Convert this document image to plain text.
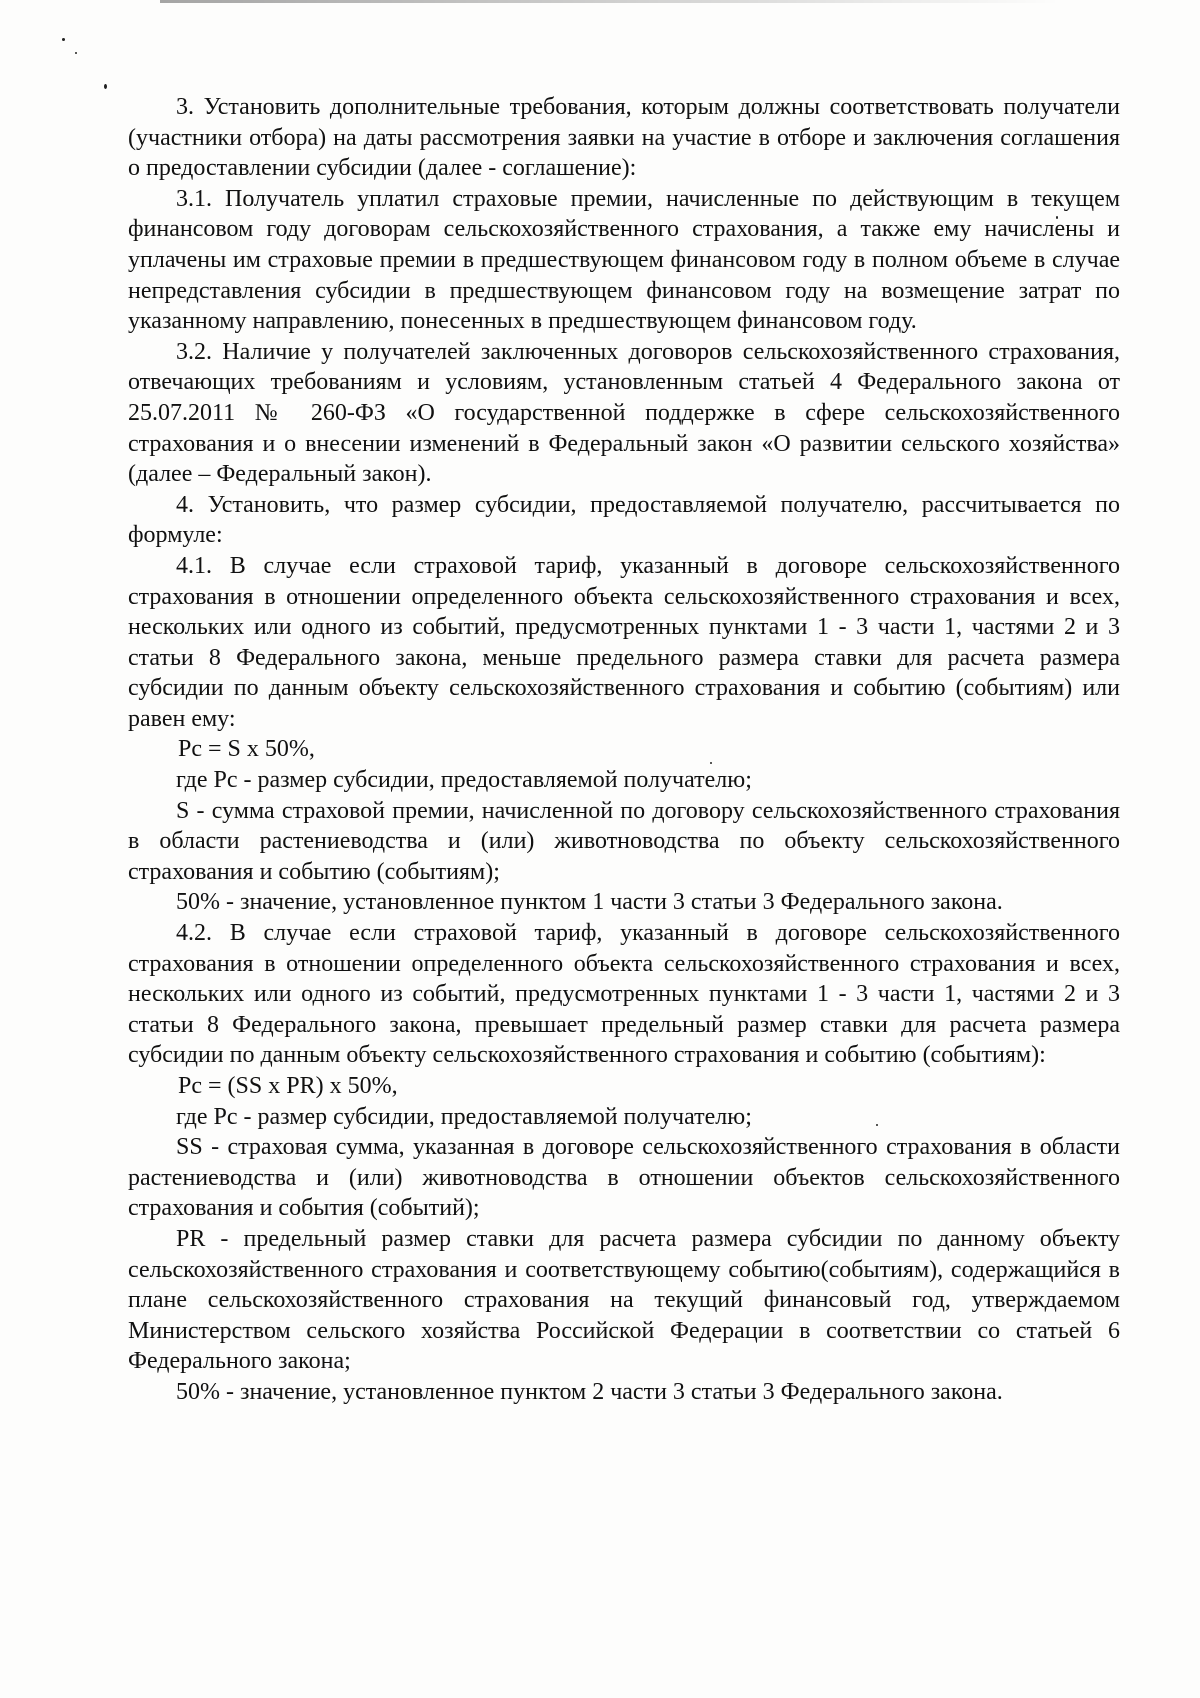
3. Установить дополнительные требования, которым должны соответствовать получатели (участники отбора) на даты рассмотрения заявки на участие в отборе и заключения соглашения о предоставлении субсидии (далее - соглашение):

3.1. Получатель уплатил страховые премии, начисленные по действующим в текущем финансовом году договорам сельскохозяйственного страхования, а также ему начислены и уплачены им страховые премии в предшествующем финансовом году в полном объеме в случае непредставления субсидии в предшествующем финансовом году на возмещение затрат по указанному направлению, понесенных в предшествующем финансовом году.

3.2. Наличие у получателей заключенных договоров сельскохозяйственного страхования, отвечающих требованиям и условиям, установленным статьей 4 Федерального закона от 25.07.2011 № 260-ФЗ «О государственной поддержке в сфере сельскохозяйственного страхования и о внесении изменений в Федеральный закон «О развитии сельского хозяйства» (далее – Федеральный закон).

4. Установить, что размер субсидии, предоставляемой получателю, рассчитывается по формуле:

4.1. В случае если страховой тариф, указанный в договоре сельскохозяйственного страхования в отношении определенного объекта сельскохозяйственного страхования и всех, нескольких или одного из событий, предусмотренных пунктами 1 - 3 части 1, частями 2 и 3 статьи 8 Федерального закона, меньше предельного размера ставки для расчета размера субсидии по данным объекту сельскохозяйственного страхования и событию (событиям) или равен ему:

Рс = S х 50%,

где Рс - размер субсидии, предоставляемой получателю;

S - сумма страховой премии, начисленной по договору сельскохозяйственного страхования в области растениеводства и (или) животноводства по объекту сельскохозяйственного страхования и событию (событиям);

50% - значение, установленное пунктом 1 части 3 статьи 3 Федерального закона.

4.2. В случае если страховой тариф, указанный в договоре сельскохозяйственного страхования в отношении определенного объекта сельскохозяйственного страхования и всех, нескольких или одного из событий, предусмотренных пунктами 1 - 3 части 1, частями 2 и 3 статьи 8 Федерального закона, превышает предельный размер ставки для расчета размера субсидии по данным объекту сельскохозяйственного страхования и событию (событиям):

Рс = (SS х PR) х 50%,

где Рс - размер субсидии, предоставляемой получателю;

SS - страховая сумма, указанная в договоре сельскохозяйственного страхования в области растениеводства и (или) животноводства в отношении объектов сельскохозяйственного страхования и события (событий);

PR - предельный размер ставки для расчета размера субсидии по данному объекту сельскохозяйственного страхования и соответствующему событию(событиям), содержащийся в плане сельскохозяйственного страхования на текущий финансовый год, утверждаемом Министерством сельского хозяйства Российской Федерации в соответствии со статьей 6 Федерального закона;

50% - значение, установленное пунктом 2 части 3 статьи 3 Федерального закона.
